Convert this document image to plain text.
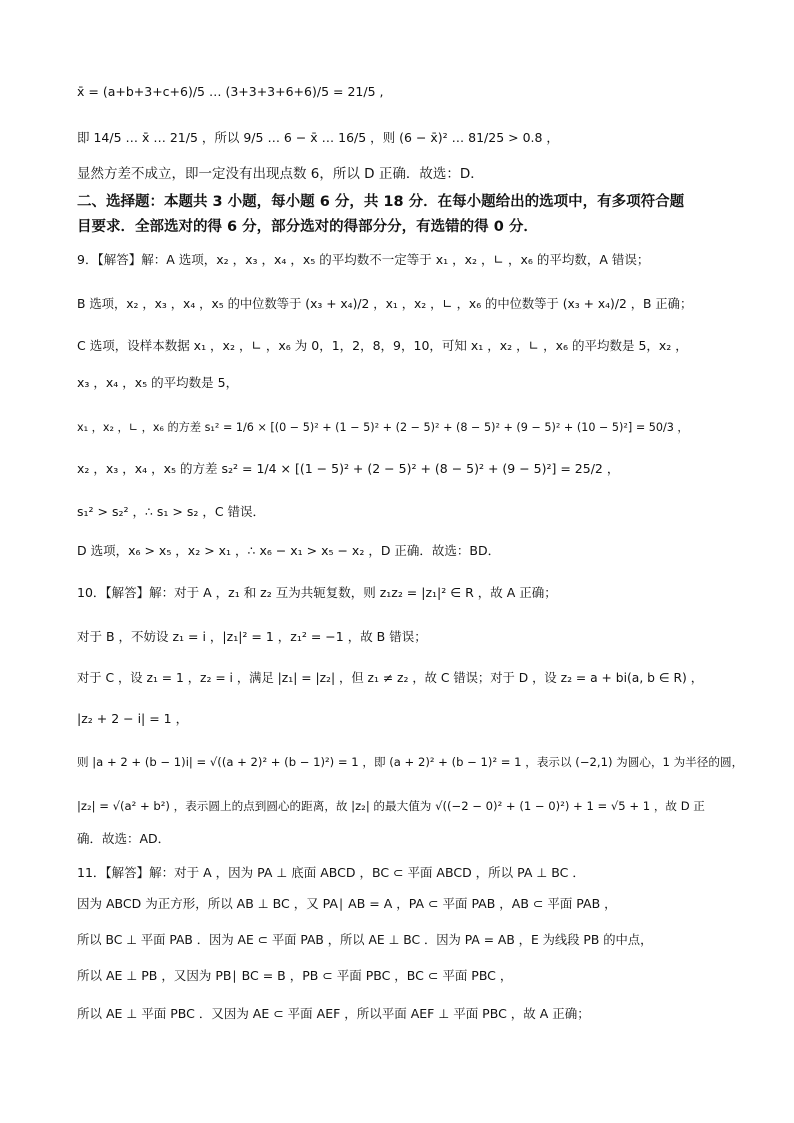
x̄ = (a+b+3+c+6)/5 … (3+3+3+6+6)/5 = 21/5 ,
即 14/5 … x̄ … 21/5 ，所以 9/5 … 6 − x̄ … 16/5 ，则 (6 − x̄)² … 81/25 > 0.8 ，
显然方差不成立，即一定没有出现点数 6，所以 D 正确．故选：D．
二、选择题：本题共 3 小题，每小题 6 分，共 18 分．在每小题给出的选项中，有多项符合题
目要求．全部选对的得 6 分，部分选对的得部分分，有选错的得 0 分．
9．【解答】解：A 选项，x₂ ，x₃ ，x₄ ，x₅ 的平均数不一定等于 x₁ ，x₂ ，∟ ，x₆ 的平均数，A 错误；
B 选项，x₂ ，x₃ ，x₄ ，x₅ 的中位数等于 (x₃ + x₄)/2 ，x₁ ，x₂ ，∟ ，x₆ 的中位数等于 (x₃ + x₄)/2 ，B 正确；
C 选项，设样本数据 x₁ ，x₂ ，∟ ，x₆ 为 0，1，2，8，9，10，可知 x₁ ，x₂ ，∟ ，x₆ 的平均数是 5，x₂ ，
x₃ ，x₄ ，x₅ 的平均数是 5，
x₁ ，x₂ ，∟ ，x₆ 的方差 s₁² = 1/6 × [(0 − 5)² + (1 − 5)² + (2 − 5)² + (8 − 5)² + (9 − 5)² + (10 − 5)²] = 50/3 ，
x₂ ，x₃ ，x₄ ，x₅ 的方差 s₂² = 1/4 × [(1 − 5)² + (2 − 5)² + (8 − 5)² + (9 − 5)²] = 25/2 ，
s₁² > s₂² ，∴ s₁ > s₂ ，C 错误．
D 选项，x₆ > x₅ ，x₂ > x₁ ，∴ x₆ − x₁ > x₅ − x₂ ，D 正确．故选：BD．
10．【解答】解：对于 A ，z₁ 和 z₂ 互为共轭复数，则 z₁z₂ = |z₁|² ∈ R ，故 A 正确；
对于 B ，不妨设 z₁ = i ，|z₁|² = 1 ，z₁² = −1 ，故 B 错误；
对于 C ，设 z₁ = 1 ，z₂ = i ，满足 |z₁| = |z₂| ，但 z₁ ≠ z₂ ，故 C 错误；对于 D ，设 z₂ = a + bi(a, b ∈ R) ，
|z₂ + 2 − i| = 1 ，
则 |a + 2 + (b − 1)i| = √((a + 2)² + (b − 1)²) = 1 ，即 (a + 2)² + (b − 1)² = 1 ，表示以 (−2,1) 为圆心，1 为半径的圆，
|z₂| = √(a² + b²) ，表示圆上的点到圆心的距离，故 |z₂| 的最大值为 √((−2 − 0)² + (1 − 0)²) + 1 = √5 + 1 ，故 D 正
确．故选：AD．
11．【解答】解：对于 A ，因为 PA ⊥ 底面 ABCD ，BC ⊂ 平面 ABCD ，所以 PA ⊥ BC ．
因为 ABCD 为正方形，所以 AB ⊥ BC ，又 PA∣ AB = A ，PA ⊂ 平面 PAB ，AB ⊂ 平面 PAB ，
所以 BC ⊥ 平面 PAB ．因为 AE ⊂ 平面 PAB ，所以 AE ⊥ BC ．因为 PA = AB ，E 为线段 PB 的中点，
所以 AE ⊥ PB ，又因为 PB∣ BC = B ，PB ⊂ 平面 PBC ，BC ⊂ 平面 PBC ，
所以 AE ⊥ 平面 PBC ．又因为 AE ⊂ 平面 AEF ，所以平面 AEF ⊥ 平面 PBC ，故 A 正确；
